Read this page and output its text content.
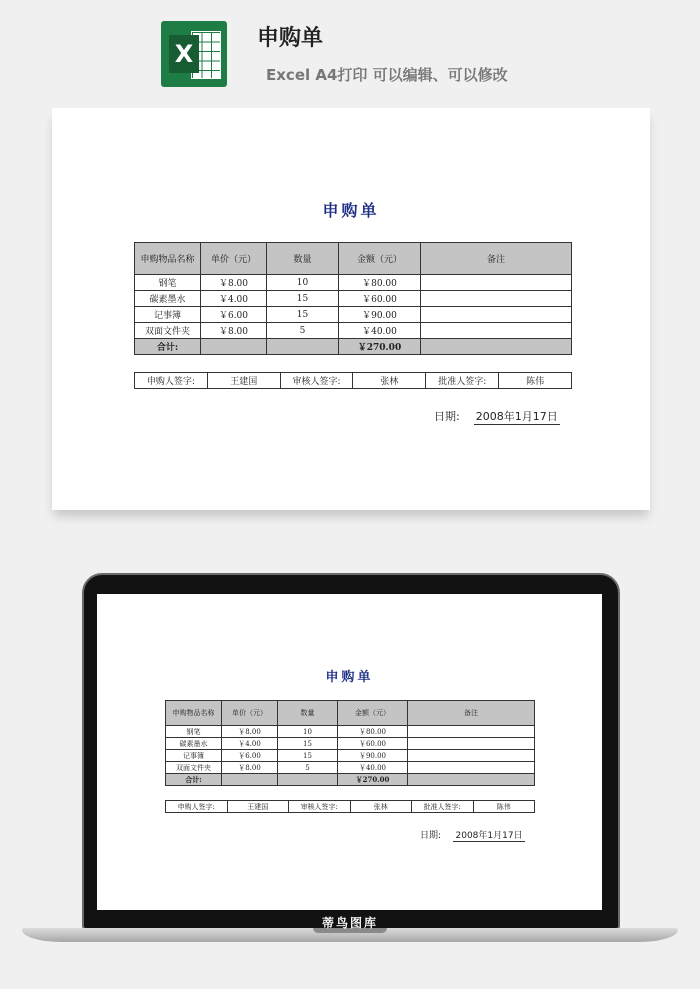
X
申购单
Excel A4打印 可以编辑、可以修改
申购单
申购物品名称	单价（元）	数量	金额（元）	备注
钢笔	￥8.00	10	￥80.00	
碳素墨水	￥4.00	15	￥60.00	
记事簿	￥6.00	15	￥90.00	
双面文件夹	￥8.00	5	￥40.00	
合计:			￥270.00	
申购人签字:	王建国	审核人签字:	张林	批准人签字:	陈伟
日期: 2008年1月17日
蒂鸟图库
申购单
申购物品名称	单价（元）	数量	金额（元）	备注
钢笔	￥8.00	10	￥80.00	
碳素墨水	￥4.00	15	￥60.00	
记事簿	￥6.00	15	￥90.00	
双面文件夹	￥8.00	5	￥40.00	
合计:			￥270.00	
申购人签字:	王建国	审核人签字:	张林	批准人签字:	陈伟
日期: 2008年1月17日
